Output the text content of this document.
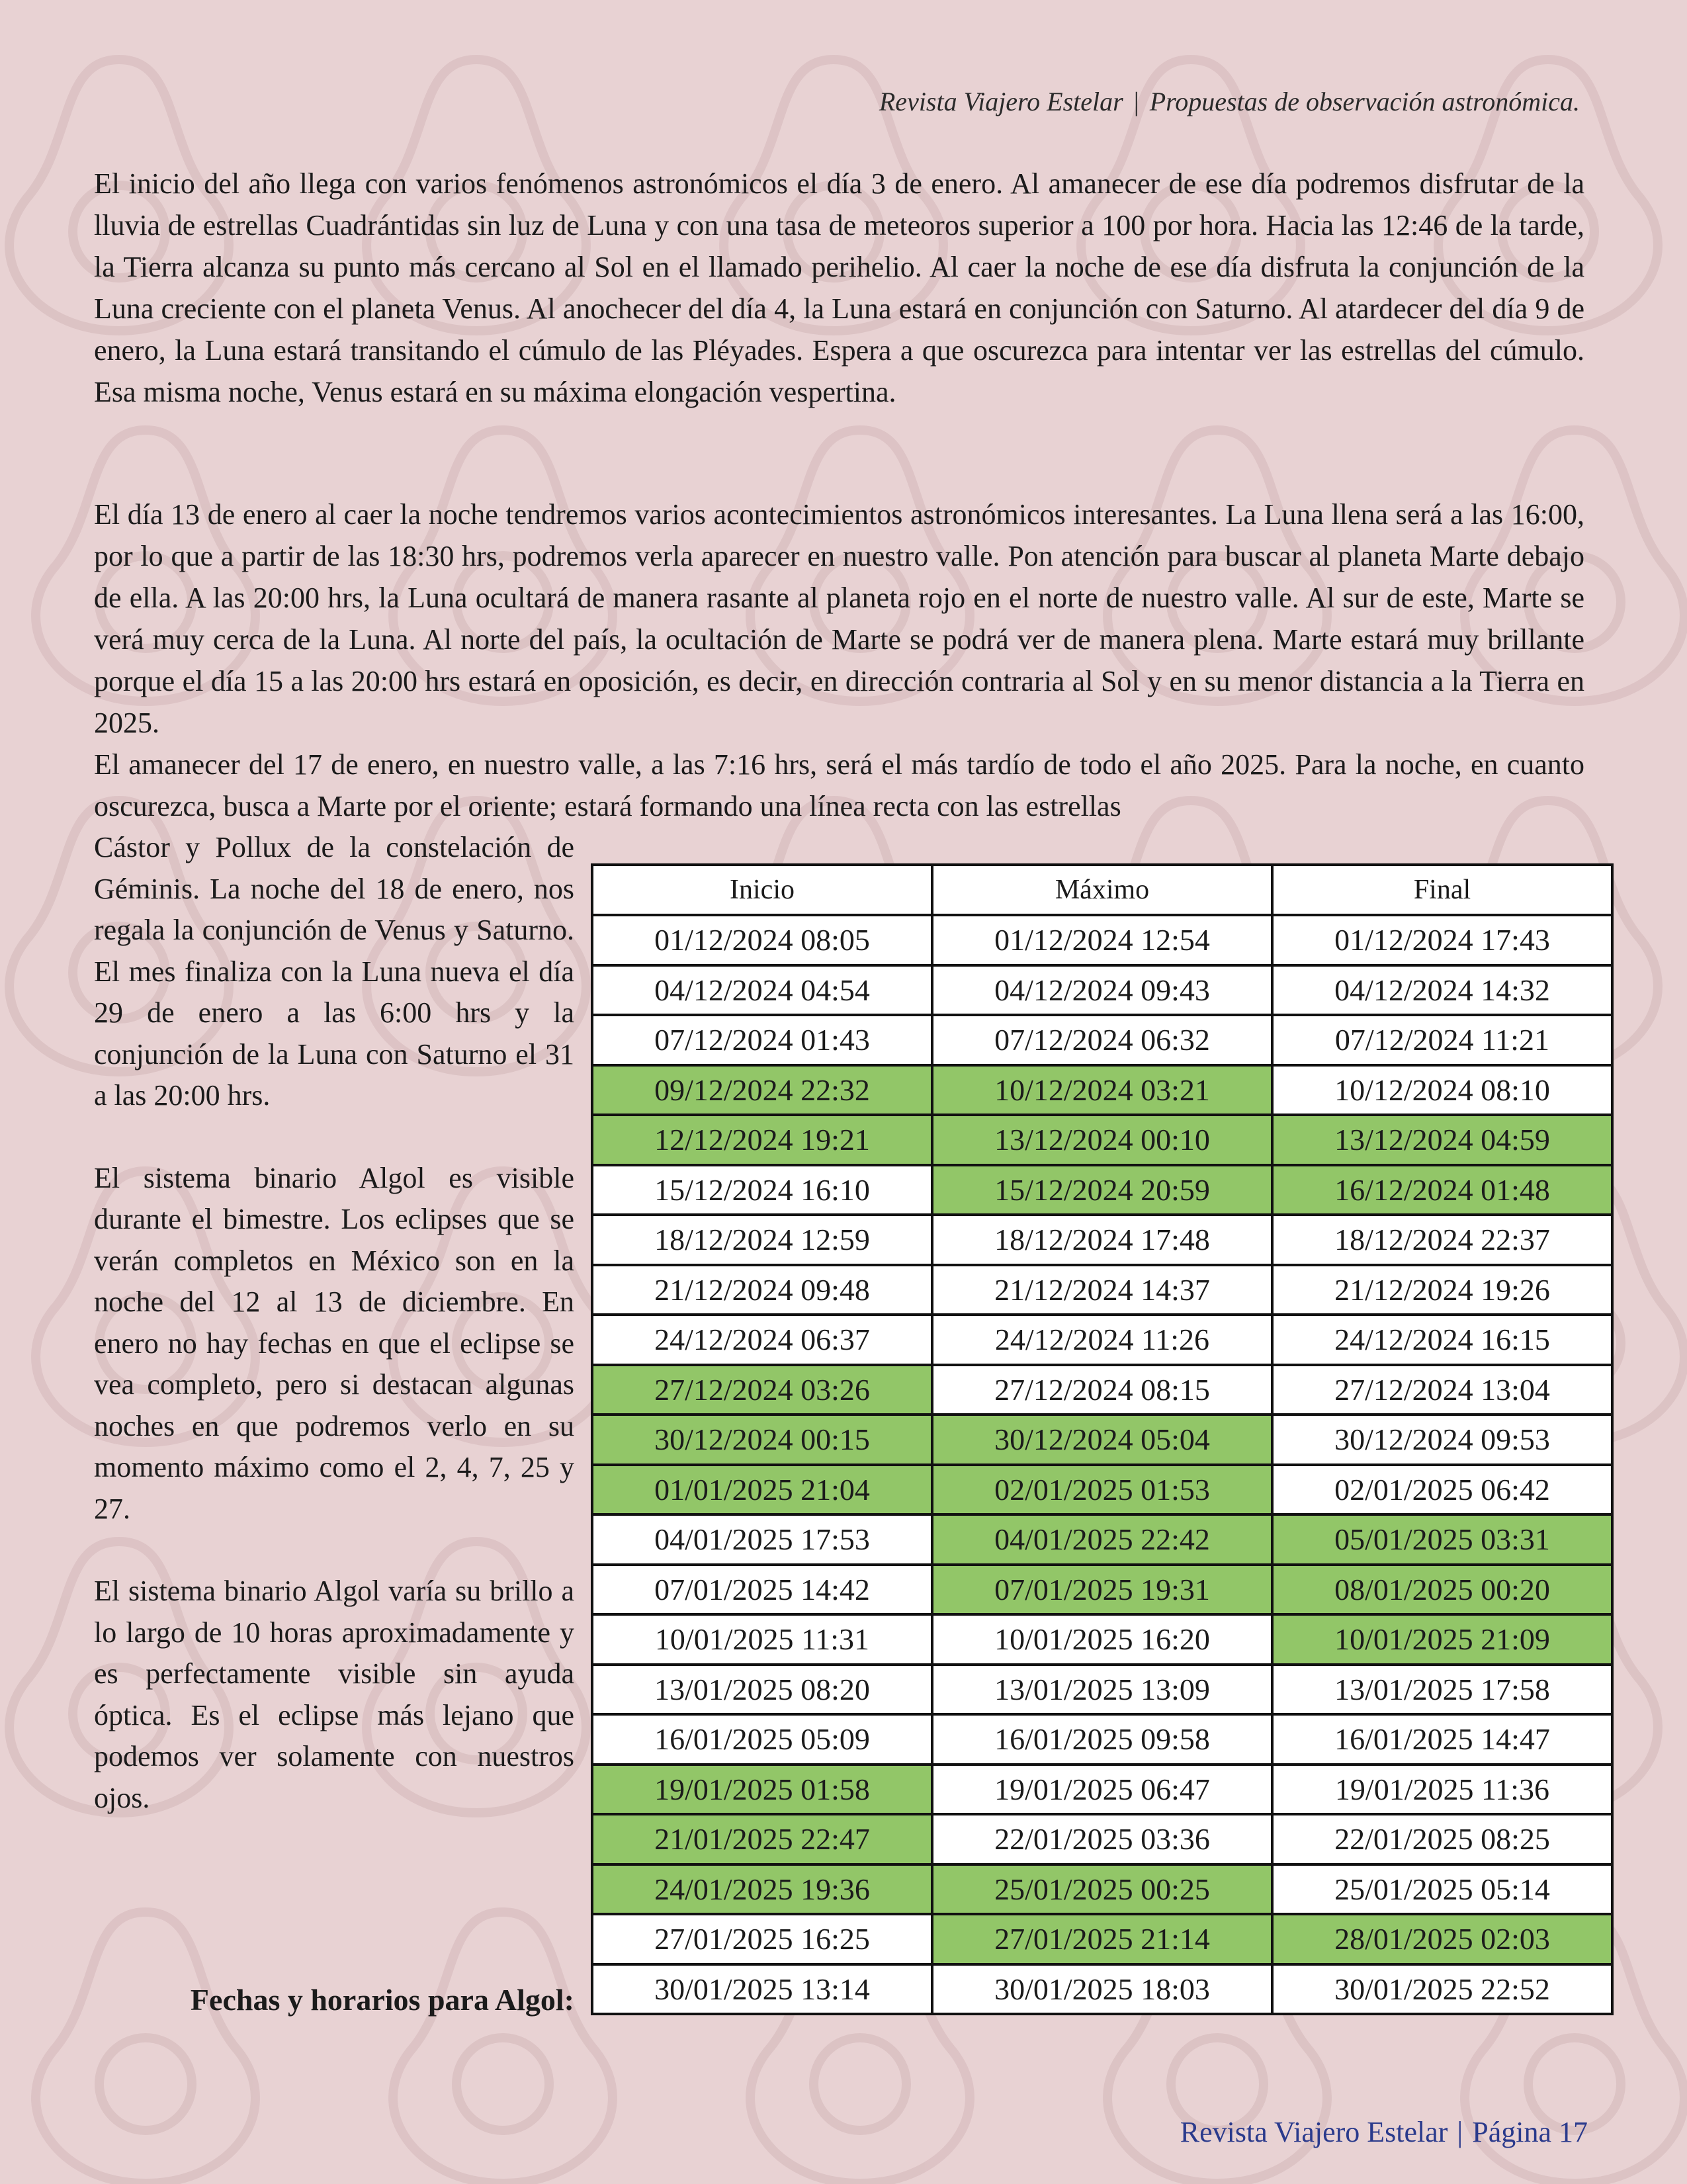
Revista Viajero Estelar | Propuestas de observación astronómica.

El inicio del año llega con varios fenómenos astronómicos el día 3 de enero. Al amanecer de ese día podremos disfrutar de la lluvia de estrellas Cuadrántidas sin luz de Luna y con una tasa de meteoros superior a 100 por hora. Hacia las 12:46 de la tarde, la Tierra alcanza su punto más cercano al Sol en el llamado perihelio. Al caer la noche de ese día disfruta la conjunción de la Luna creciente con el planeta Venus. Al anochecer del día 4, la Luna estará en conjunción con Saturno. Al atardecer del día 9 de enero, la Luna estará transitando el cúmulo de las Pléyades. Espera a que oscurezca para intentar ver las estrellas del cúmulo. Esa misma noche, Venus estará en su máxima elongación vespertina.

El día 13 de enero al caer la noche tendremos varios acontecimientos astronómicos interesantes. La Luna llena será a las 16:00, por lo que a partir de las 18:30 hrs, podremos verla aparecer en nuestro valle. Pon atención para buscar al planeta Marte debajo de ella. A las 20:00 hrs, la Luna ocultará de manera rasante al planeta rojo en el norte de nuestro valle. Al sur de este, Marte se verá muy cerca de la Luna. Al norte del país, la ocultación de Marte se podrá ver de manera plena. Marte estará muy brillante porque el día 15 a las 20:00 hrs estará en oposición, es decir, en dirección contraria al Sol y en su menor distancia a la Tierra en 2025.

El amanecer del 17 de enero, en nuestro valle, a las 7:16 hrs, será el más tardío de todo el año 2025. Para la noche, en cuanto oscurezca, busca a Marte por el oriente; estará formando una línea recta con las estrellas

Cástor y Pollux de la constelación de Géminis. La noche del 18 de enero, nos regala la conjunción de Venus y Saturno. El mes finaliza con la Luna nueva el día 29 de enero a las 6:00 hrs y la conjunción de la Luna con Saturno el 31 a las 20:00 hrs.

El sistema binario Algol es visible durante el bimestre. Los eclipses que se verán completos en México son en la noche del 12 al 13 de diciembre. En enero no hay fechas en que el eclipse se vea completo, pero si destacan algunas noches en que podremos verlo en su momento máximo como el 2, 4, 7, 25 y 27.

El sistema binario Algol varía su brillo a lo largo de 10 horas aproximadamente y es perfectamente visible sin ayuda óptica. Es el eclipse más lejano que podemos ver solamente con nuestros ojos.

Fechas y horarios para Algol:
Inicio	Máximo	Final
01/12/2024 08:05	01/12/2024 12:54	01/12/2024 17:43
04/12/2024 04:54	04/12/2024 09:43	04/12/2024 14:32
07/12/2024 01:43	07/12/2024 06:32	07/12/2024 11:21
09/12/2024 22:32	10/12/2024 03:21	10/12/2024 08:10
12/12/2024 19:21	13/12/2024 00:10	13/12/2024 04:59
15/12/2024 16:10	15/12/2024 20:59	16/12/2024 01:48
18/12/2024 12:59	18/12/2024 17:48	18/12/2024 22:37
21/12/2024 09:48	21/12/2024 14:37	21/12/2024 19:26
24/12/2024 06:37	24/12/2024 11:26	24/12/2024 16:15
27/12/2024 03:26	27/12/2024 08:15	27/12/2024 13:04
30/12/2024 00:15	30/12/2024 05:04	30/12/2024 09:53
01/01/2025 21:04	02/01/2025 01:53	02/01/2025 06:42
04/01/2025 17:53	04/01/2025 22:42	05/01/2025 03:31
07/01/2025 14:42	07/01/2025 19:31	08/01/2025 00:20
10/01/2025 11:31	10/01/2025 16:20	10/01/2025 21:09
13/01/2025 08:20	13/01/2025 13:09	13/01/2025 17:58
16/01/2025 05:09	16/01/2025 09:58	16/01/2025 14:47
19/01/2025 01:58	19/01/2025 06:47	19/01/2025 11:36
21/01/2025 22:47	22/01/2025 03:36	22/01/2025 08:25
24/01/2025 19:36	25/01/2025 00:25	25/01/2025 05:14
27/01/2025 16:25	27/01/2025 21:14	28/01/2025 02:03
30/01/2025 13:14	30/01/2025 18:03	30/01/2025 22:52
Revista Viajero Estelar | Página 17
